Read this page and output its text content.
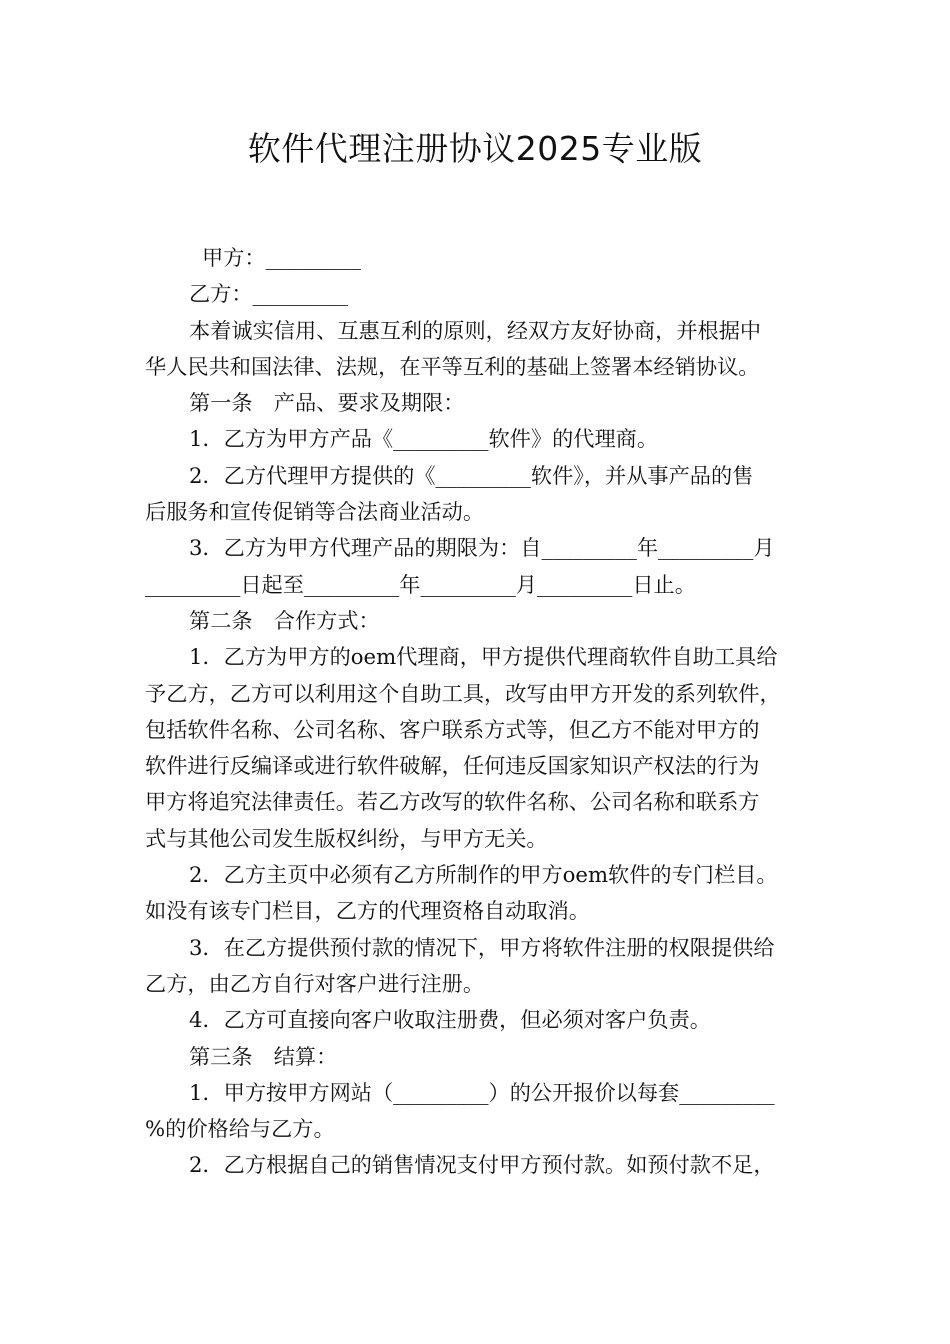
软件代理注册协议2025专业版
甲方：_________
乙方：_________
本着诚实信用、互惠互利的原则，经双方友好协商，并根据中
华人民共和国法律、法规，在平等互利的基础上签署本经销协议。
第一条　产品、要求及期限：
1．乙方为甲方产品《_________软件》的代理商。
2．乙方代理甲方提供的《_________软件》，并从事产品的售
后服务和宣传促销等合法商业活动。
3．乙方为甲方代理产品的期限为：自_________年_________月
_________日起至_________年_________月_________日止。
第二条　合作方式：
1．乙方为甲方的oem代理商，甲方提供代理商软件自助工具给
予乙方，乙方可以利用这个自助工具，改写由甲方开发的系列软件，
包括软件名称、公司名称、客户联系方式等，但乙方不能对甲方的
软件进行反编译或进行软件破解，任何违反国家知识产权法的行为
甲方将追究法律责任。若乙方改写的软件名称、公司名称和联系方
式与其他公司发生版权纠纷，与甲方无关。
2．乙方主页中必须有乙方所制作的甲方oem软件的专门栏目。
如没有该专门栏目，乙方的代理资格自动取消。
3．在乙方提供预付款的情况下，甲方将软件注册的权限提供给
乙方，由乙方自行对客户进行注册。
4．乙方可直接向客户收取注册费，但必须对客户负责。
第三条　结算：
1．甲方按甲方网站（_________）的公开报价以每套_________
%的价格给与乙方。
2．乙方根据自己的销售情况支付甲方预付款。如预付款不足，
